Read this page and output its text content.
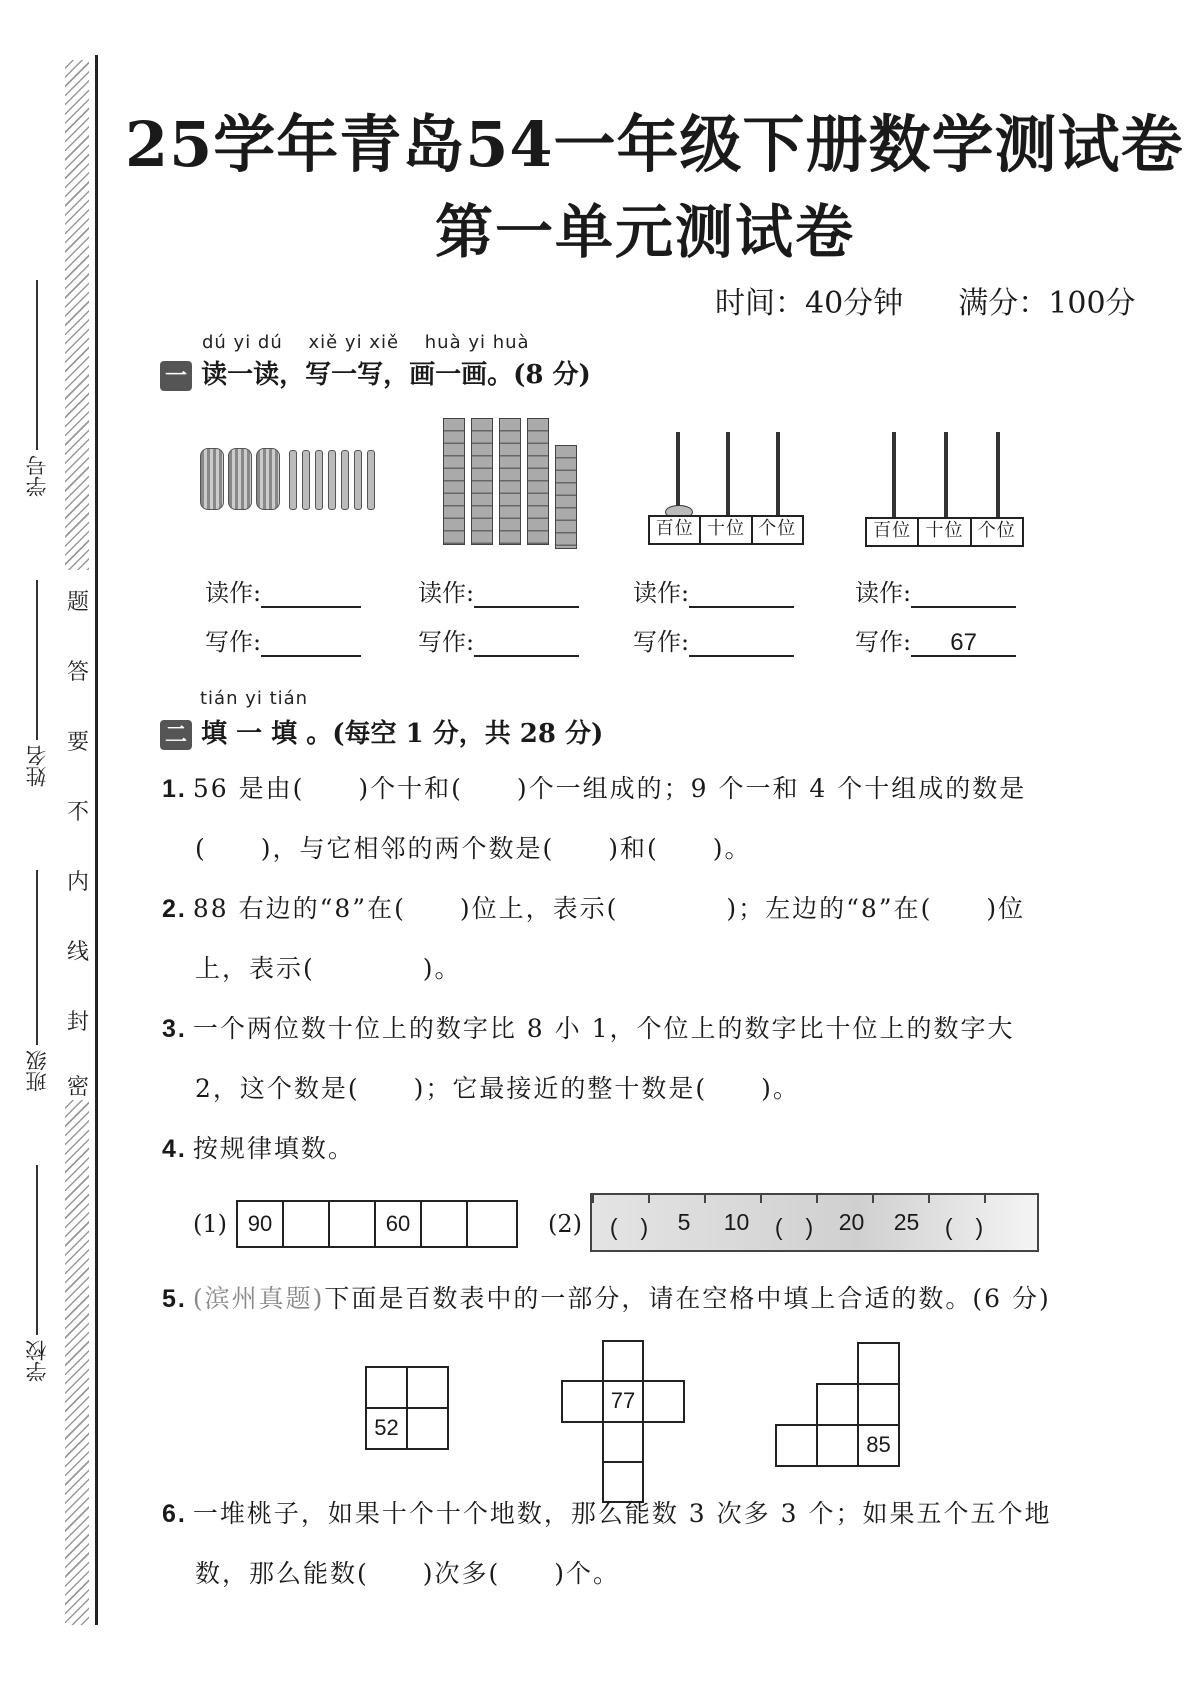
题
答
要
不
内
线
封
密
学号
姓名
班级
学校
25学年青岛54一年级下册数学测试卷
第一单元测试卷
时间：40分钟 满分：100分
dú yi dú　 xiě yi xiě　 huà yi huà
一 读一读，写一写，画一画。(8 分)

百位 十位 个位	百位 十位 个位
读作:
写作:
读作:
写作:
读作:
写作:
读作:
写作: 67
tián yi tián
二 填 一 填 。(每空 1 分，共 28 分)
1. 56 是由(　　)个十和(　　)个一组成的；9 个一和 4 个十组成的数是
(　　)，与它相邻的两个数是(　　)和(　　)。
2. 88 右边的“8”在(　　)位上，表示(　　　　)；左边的“8”在(　　)位
上，表示(　　　　)。
3. 一个两位数十位上的数字比 8 小 1，个位上的数字比十位上的数字大
2，这个数是(　　)；它最接近的整十数是(　　)。
4. 按规律填数。
(1) 90	60	(2) (　)	5	10	(　)	20	25	(　)
5. (滨州真题)下面是百数表中的一部分，请在空格中填上合适的数。(6 分)
52
77
85
6. 一堆桃子，如果十个十个地数，那么能数 3 次多 3 个；如果五个五个地
数，那么能数(　　)次多(　　)个。
